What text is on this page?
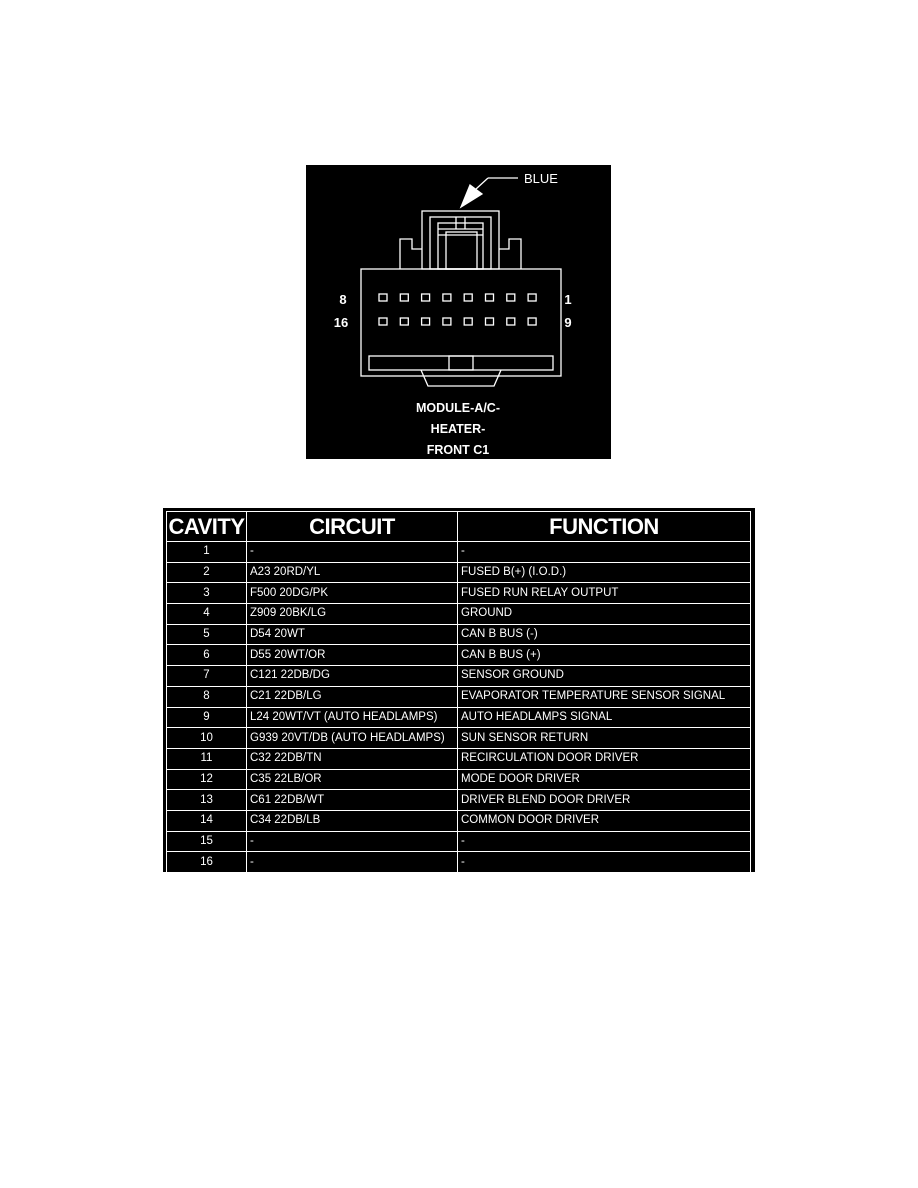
8	1
16	9
BLUE
MODULE-A/C-
HEATER-
FRONT C1
CAVITY	CIRCUIT	FUNCTION
1	-	-
2	A23 20RD/YL	FUSED B(+) (I.O.D.)
3	F500 20DG/PK	FUSED RUN RELAY OUTPUT
4	Z909 20BK/LG	GROUND
5	D54 20WT	CAN B BUS (-)
6	D55 20WT/OR	CAN B BUS (+)
7	C121 22DB/DG	SENSOR GROUND
8	C21 22DB/LG	EVAPORATOR TEMPERATURE SENSOR SIGNAL
9	L24 20WT/VT (AUTO HEADLAMPS)	AUTO HEADLAMPS SIGNAL
10	G939 20VT/DB (AUTO HEADLAMPS)	SUN SENSOR RETURN
11	C32 22DB/TN	RECIRCULATION DOOR DRIVER
12	C35 22LB/OR	MODE DOOR DRIVER
13	C61 22DB/WT	DRIVER BLEND DOOR DRIVER
14	C34 22DB/LB	COMMON DOOR DRIVER
15	-	-
16	-	-
